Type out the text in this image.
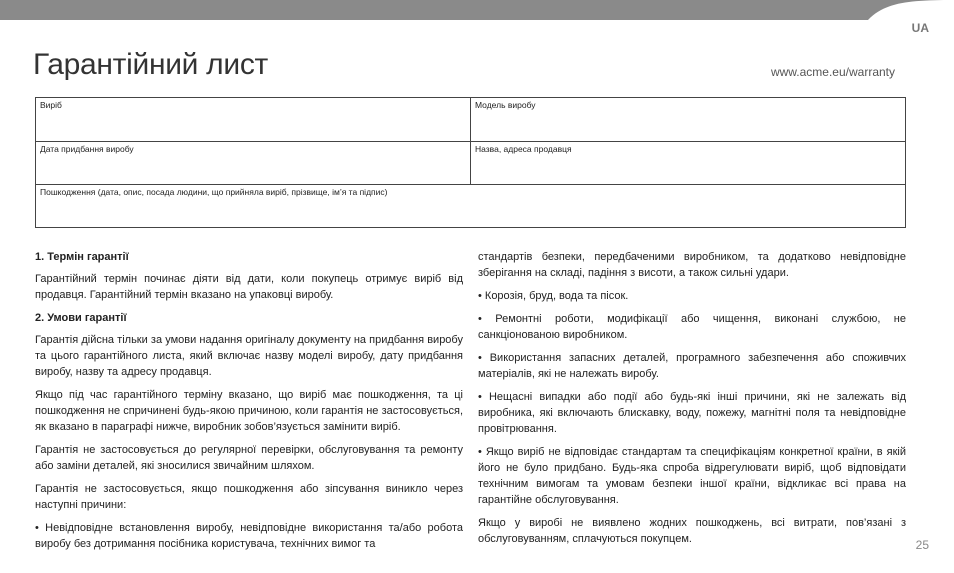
UA
Гарантійний лист	www.acme.eu/warranty
Виріб	Модель виробу
Дата придбання виробу	Назва, адреса продавця
Пошкодження (дата, опис, посада людини, що прийняла виріб, прізвище, ім’я та підпис)	
1. Термін гарантії

Гарантійний термін починає діяти від дати, коли покупець отримує виріб від продавця. Гарантійний термін вказано на упаковці виробу.

2. Умови гарантії

Гарантія дійсна тільки за умови надання оригіналу документу на придбання виробу та цього гарантійного листа, який включає назву моделі виробу, дату придбання виробу, назву та адресу продавця.

Якщо під час гарантійного терміну вказано, що виріб має пошкодження, та ці пошкодження не спричинені будь-якою причиною, коли гарантія не застосовується, як вказано в параграфі нижче, виробник зобов’язується замінити виріб.

Гарантія не застосовується до регулярної перевірки, обслуговування та ремонту або заміни деталей, які зносилися звичайним шляхом.

Гарантія не застосовується, якщо пошкодження або зіпсування виникло через наступні причини:

• Невідповідне встановлення виробу, невідповідне використання та/або робота виробу без дотримання посібника користувача, технічних вимог та

стандартів безпеки, передбаченими виробником, та додатково невідповідне зберігання на складі, падіння з висоти, а також сильні удари.

• Корозія, бруд, вода та пісок.

• Ремонтні роботи, модифікації або чищення, виконані службою, не санкціонованою виробником.

• Використання запасних деталей, програмного забезпечення або споживчих матеріалів, які не належать виробу.

• Нещасні випадки або події або будь-які інші причини, які не залежать від виробника, які включають блискавку, воду, пожежу, магнітні поля та невідповідне провітрювання.

• Якщо виріб не відповідає стандартам та специфікаціям конкретної країни, в якій його не було придбано. Будь-яка спроба відрегулювати виріб, щоб відповідати технічним вимогам та умовам безпеки іншої країни, відкликає всі права на гарантійне обслуговування.

Якщо у виробі не виявлено жодних пошкоджень, всі витрати, пов’язані з обслуговуванням, сплачуються покупцем.	25
